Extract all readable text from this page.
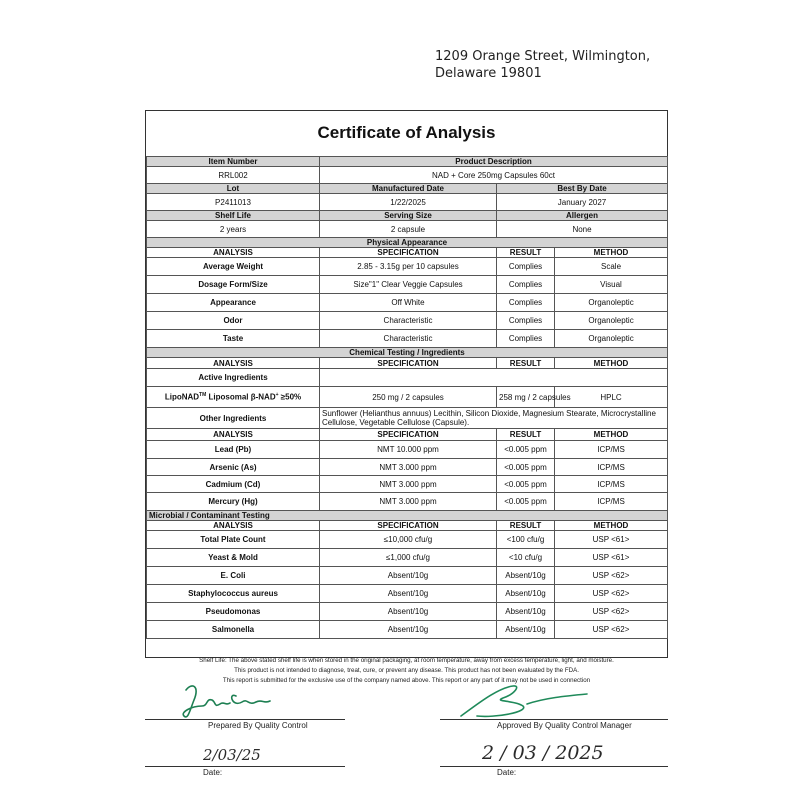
1209 Orange Street, Wilmington,
Delaware 19801
Certificate of Analysis
Item Number	Product Description		
RRL002	NAD + Core 250mg Capsules 60ct		
Lot	Manufactured Date	Best By Date	
P2411013	1/22/2025	January 2027	
Shelf Life	Serving Size	Allergen	
2 years	2 capsule	None	
Physical Appearance			
ANALYSIS	SPECIFICATION	RESULT	METHOD
Average Weight	2.85 - 3.15g per 10 capsules	Complies	Scale
Dosage Form/Size	Size"1" Clear Veggie Capsules	Complies	Visual
Appearance	Off White	Complies	Organoleptic
Odor	Characteristic	Complies	Organoleptic
Taste	Characteristic	Complies	Organoleptic
Chemical Testing / Ingredients			
ANALYSIS	SPECIFICATION	RESULT	METHOD
Active Ingredients			
LipoNAD™ Liposomal β-NAD+ ≥50%	250 mg / 2 capsules	258 mg / 2 capsules	HPLC
Other Ingredients	Sunflower (Helianthus annuus) Lecithin, Silicon Dioxide, Magnesium Stearate, Microcrystalline Cellulose, Vegetable Cellulose (Capsule).		
ANALYSIS	SPECIFICATION	RESULT	METHOD
Lead (Pb)	NMT 10.000 ppm	<0.005 ppm	ICP/MS
Arsenic (As)	NMT 3.000 ppm	<0.005 ppm	ICP/MS
Cadmium (Cd)	NMT 3.000 ppm	<0.005 ppm	ICP/MS
Mercury (Hg)	NMT 3.000 ppm	<0.005 ppm	ICP/MS
Microbial / Contaminant Testing			
ANALYSIS	SPECIFICATION	RESULT	METHOD
Total Plate Count	≤10,000 cfu/g	<100 cfu/g	USP <61>
Yeast & Mold	≤1,000 cfu/g	<10 cfu/g	USP <61>
E. Coli	Absent/10g	Absent/10g	USP <62>
Staphylococcus aureus	Absent/10g	Absent/10g	USP <62>
Pseudomonas	Absent/10g	Absent/10g	USP <62>
Salmonella	Absent/10g	Absent/10g	USP <62>
Shelf Life: The above stated shelf life is when stored in the original packaging, at room temperature, away from excess temperature, light, and moisture.
This product is not intended to diagnose, treat, cure, or prevent any disease. This product has not been evaluated by the FDA.
This report is submitted for the exclusive use of the company named above. This report or any part of it may not be used in connection
Prepared By Quality Control
2/03/25
Date:
Approved By Quality Control Manager
2 / 03 / 2025
Date:
